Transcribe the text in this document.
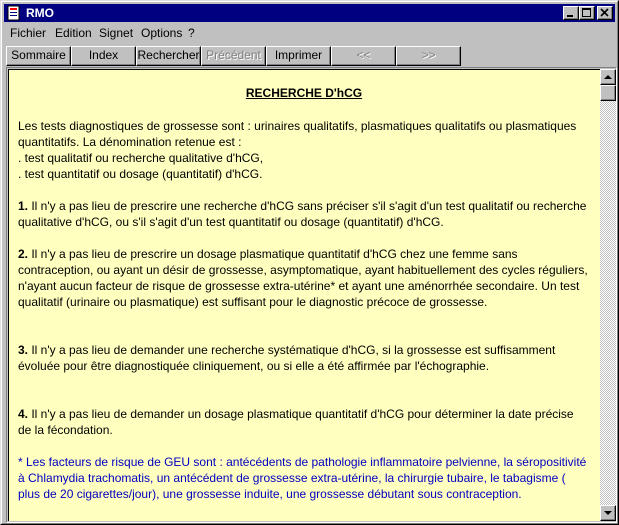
RMO
Fichier Edition Signet Options ?
Sommaire	Index	Rechercher Précédent	Imprimer	<<	>>
RECHERCHE D'hCG
Les tests diagnostiques de grossesse sont : urinaires qualitatifs, plasmatiques qualitatifs ou plasmatiques quantitatifs. La dénomination retenue est :
. test qualitatif ou recherche qualitative d'hCG,
. test quantitatif ou dosage (quantitatif) d'hCG.
1. Il n'y a pas lieu de prescrire une recherche d'hCG sans préciser s'il s'agit d'un test qualitatif ou recherche qualitative d'hCG, ou s'il s'agit d'un test quantitatif ou dosage (quantitatif) d'hCG.
2. Il n'y a pas lieu de prescrire un dosage plasmatique quantitatif d'hCG chez une femme sans contraception, ou ayant un désir de grossesse, asymptomatique, ayant habituellement des cycles réguliers, n'ayant aucun facteur de risque de grossesse extra-utérine* et ayant une aménorrhée secondaire. Un test qualitatif (urinaire ou plasmatique) est suffisant pour le diagnostic précoce de grossesse.
3. Il n'y a pas lieu de demander une recherche systématique d'hCG, si la grossesse est suffisamment évoluée pour être diagnostiquée cliniquement, ou si elle a été affirmée par l'échographie.
4. Il n'y a pas lieu de demander un dosage plasmatique quantitatif d'hCG pour déterminer la date précise de la fécondation.
* Les facteurs de risque de GEU sont : antécédents de pathologie inflammatoire pelvienne, la séropositivité à Chlamydia trachomatis, un antécédent de grossesse extra-utérine, la chirurgie tubaire, le tabagisme ( plus de 20 cigarettes/jour), une grossesse induite, une grossesse débutant sous contraception.
